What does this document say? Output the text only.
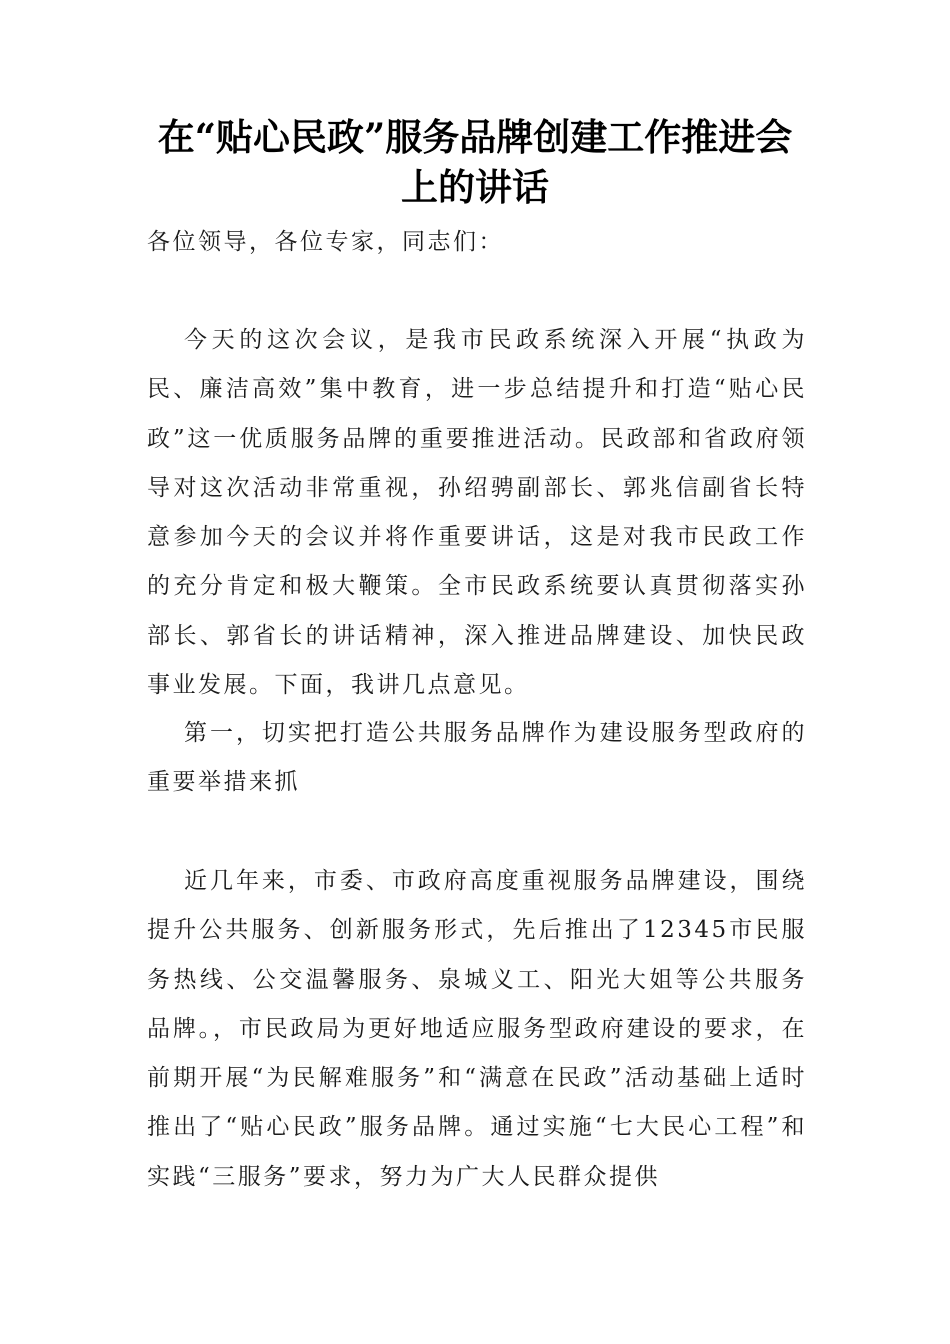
在“贴心民政”服务品牌创建工作推进会上的讲话

各位领导，各位专家，同志们：

今天的这次会议，是我市民政系统深入开展“执政为民、廉洁高效”集中教育，进一步总结提升和打造“贴心民政”这一优质服务品牌的重要推进活动。民政部和省政府领导对这次活动非常重视，孙绍骋副部长、郭兆信副省长特意参加今天的会议并将作重要讲话，这是对我市民政工作的充分肯定和极大鞭策。全市民政系统要认真贯彻落实孙部长、郭省长的讲话精神，深入推进品牌建设、加快民政事业发展。下面，我讲几点意见。

第一，切实把打造公共服务品牌作为建设服务型政府的重要举措来抓

近几年来，市委、市政府高度重视服务品牌建设，围绕提升公共服务、创新服务形式，先后推出了12345市民服务热线、公交温馨服务、泉城义工、阳光大姐等公共服务品牌。，市民政局为更好地适应服务型政府建设的要求，在前期开展“为民解难服务”和“满意在民政”活动基础上适时推出了“贴心民政”服务品牌。通过实施“七大民心工程”和实践“三服务”要求，努力为广大人民群众提供
